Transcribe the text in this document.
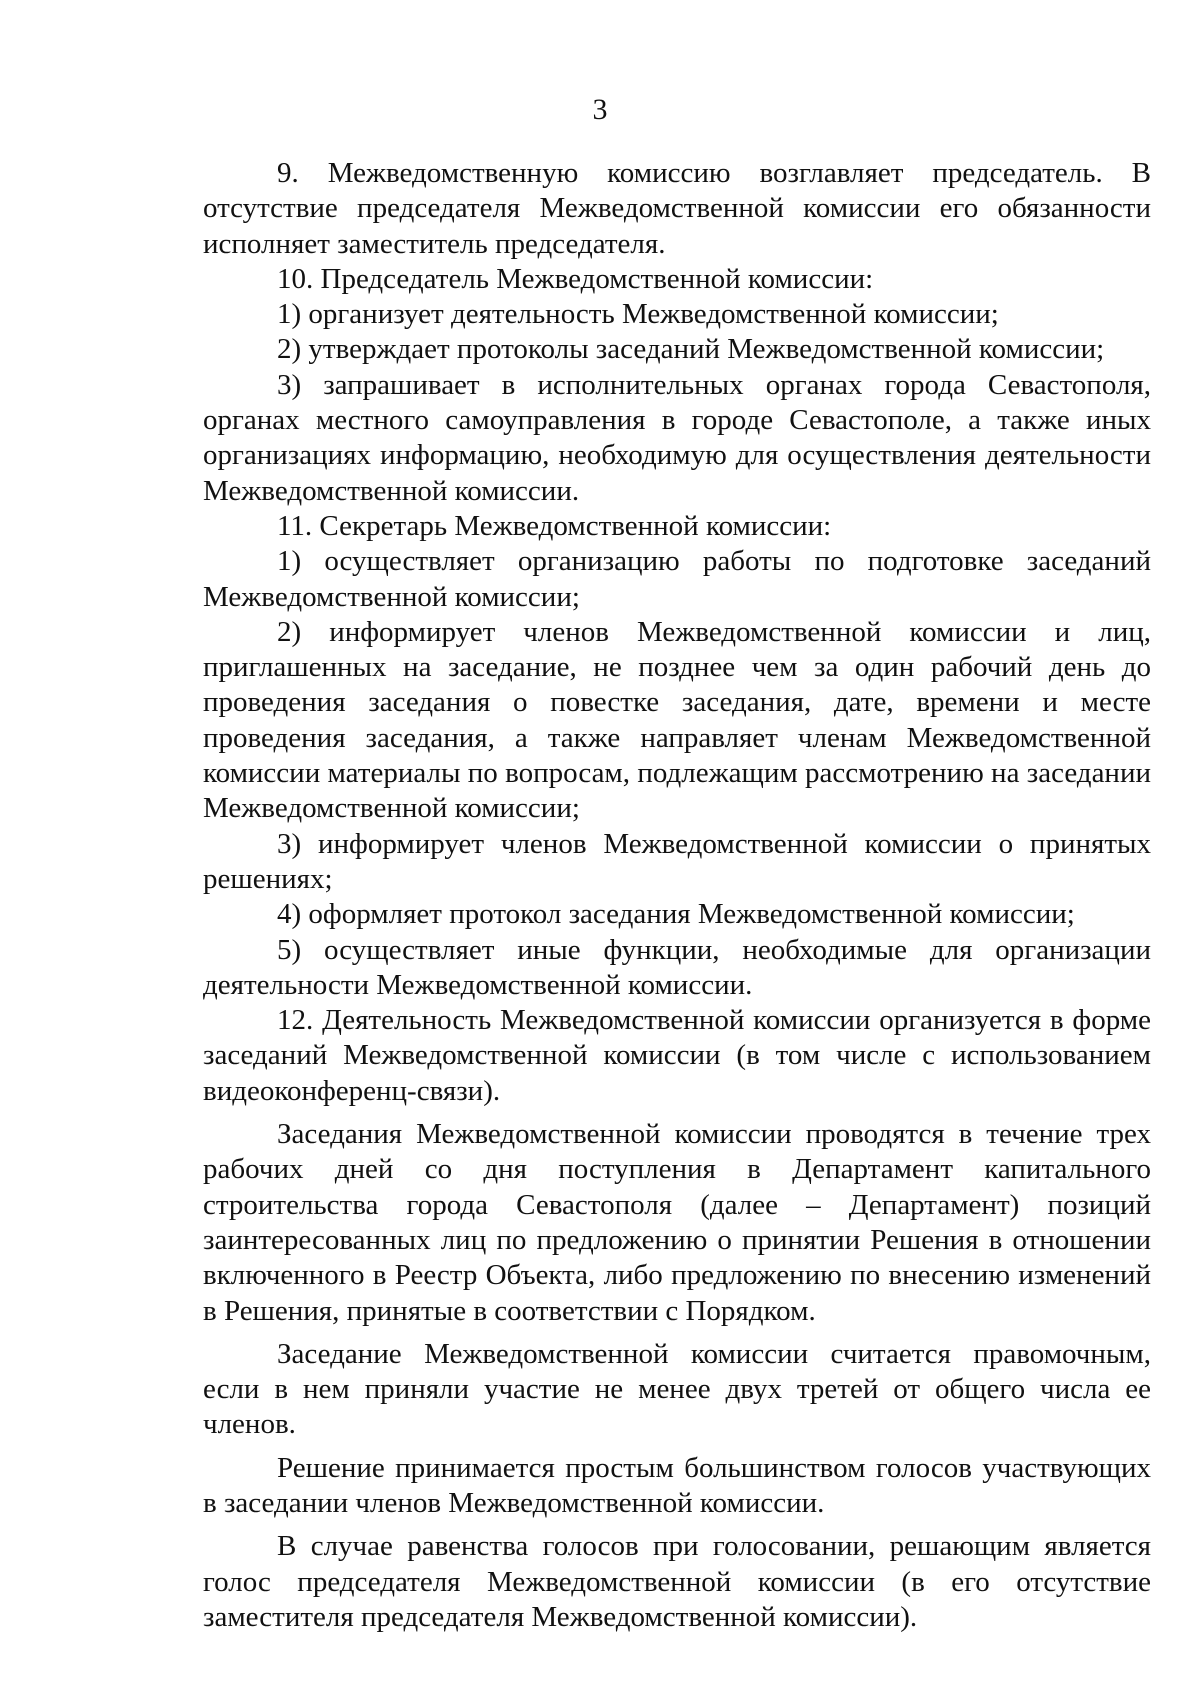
3

9. Межведомственную комиссию возглавляет председатель. В отсутствие председателя Межведомственной комиссии его обязанности исполняет заместитель председателя.

10. Председатель Межведомственной комиссии:

1) организует деятельность Межведомственной комиссии;

2) утверждает протоколы заседаний Межведомственной комиссии;

3) запрашивает в исполнительных органах города Севастополя, органах местного самоуправления в городе Севастополе, а также иных организациях информацию, необходимую для осуществления деятельности Межведомственной комиссии.

11. Секретарь Межведомственной комиссии:

1) осуществляет организацию работы по подготовке заседаний Межведомственной комиссии;

2) информирует членов Межведомственной комиссии и лиц, приглашенных на заседание, не позднее чем за один рабочий день до проведения заседания о повестке заседания, дате, времени и месте проведения заседания, а также направляет членам Межведомственной комиссии материалы по вопросам, подлежащим рассмотрению на заседании Межведомственной комиссии;

3) информирует членов Межведомственной комиссии о принятых решениях;

4) оформляет протокол заседания Межведомственной комиссии;

5) осуществляет иные функции, необходимые для организации деятельности Межведомственной комиссии.

12. Деятельность Межведомственной комиссии организуется в форме заседаний Межведомственной комиссии (в том числе с использованием видеоконференц-связи).

Заседания Межведомственной комиссии проводятся в течение трех рабочих дней со дня поступления в Департамент капитального строительства города Севастополя (далее – Департамент) позиций заинтересованных лиц по предложению о принятии Решения в отношении включенного в Реестр Объекта, либо предложению по внесению изменений в Решения, принятые в соответствии с Порядком.

Заседание Межведомственной комиссии считается правомочным, если в нем приняли участие не менее двух третей от общего числа ее членов.

Решение принимается простым большинством голосов участвующих в заседании членов Межведомственной комиссии.

В случае равенства голосов при голосовании, решающим является голос председателя Межведомственной комиссии (в его отсутствие заместителя председателя Межведомственной комиссии).
